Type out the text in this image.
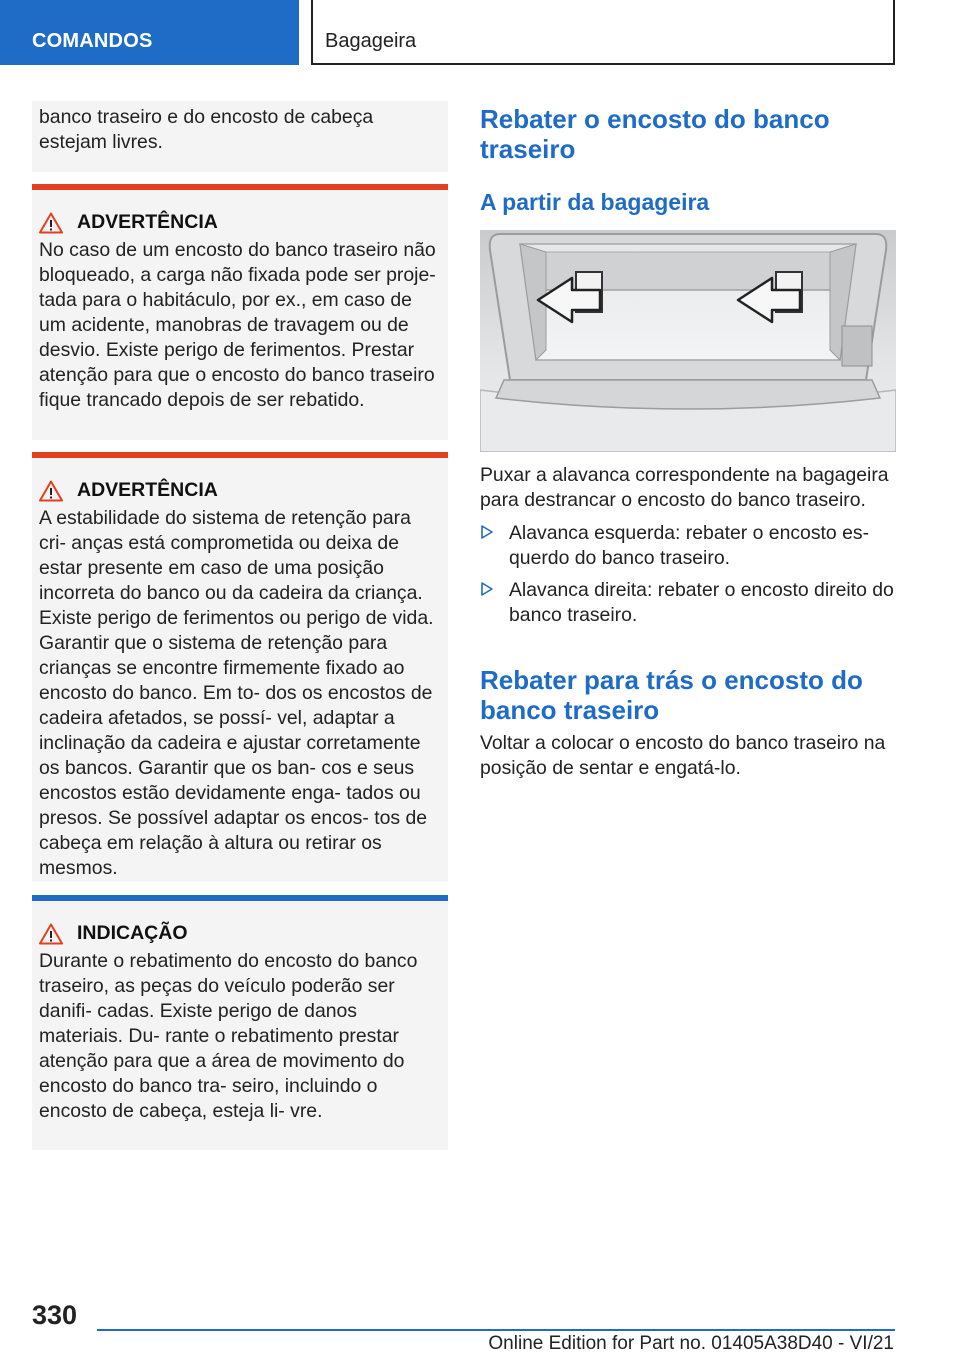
COMANDOS	Bagageira

banco traseiro e do encosto de cabeça estejam livres.

ADVERTÊNCIA

No caso de um encosto do banco traseiro não bloqueado, a carga não fixada pode ser proje- tada para o habitáculo, por ex., em caso de um acidente, manobras de travagem ou de desvio. Existe perigo de ferimentos. Prestar atenção para que o encosto do banco traseiro fique trancado depois de ser rebatido.

ADVERTÊNCIA

A estabilidade do sistema de retenção para cri- anças está comprometida ou deixa de estar presente em caso de uma posição incorreta do banco ou da cadeira da criança. Existe perigo de ferimentos ou perigo de vida. Garantir que o sistema de retenção para crianças se encontre firmemente fixado ao encosto do banco. Em to- dos os encostos de cadeira afetados, se possí- vel, adaptar a inclinação da cadeira e ajustar corretamente os bancos. Garantir que os ban- cos e seus encostos estão devidamente enga- tados ou presos. Se possível adaptar os encos- tos de cabeça em relação à altura ou retirar os mesmos.

INDICAÇÃO

Durante o rebatimento do encosto do banco traseiro, as peças do veículo poderão ser danifi- cadas. Existe perigo de danos materiais. Du- rante o rebatimento prestar atenção para que a área de movimento do encosto do banco tra- seiro, incluindo o encosto de cabeça, esteja li- vre.

Rebater o encosto do banco traseiro
A partir da bagageira
Puxar a alavanca correspondente na bagageira para destrancar o encosto do banco traseiro.
Alavanca esquerda: rebater o encosto es- querdo do banco traseiro.
Alavanca direita: rebater o encosto direito do banco traseiro.
Rebater para trás o encosto do banco traseiro
Voltar a colocar o encosto do banco traseiro na posição de sentar e engatá-lo.
330
Online Edition for Part no. 01405A38D40 - VI/21
